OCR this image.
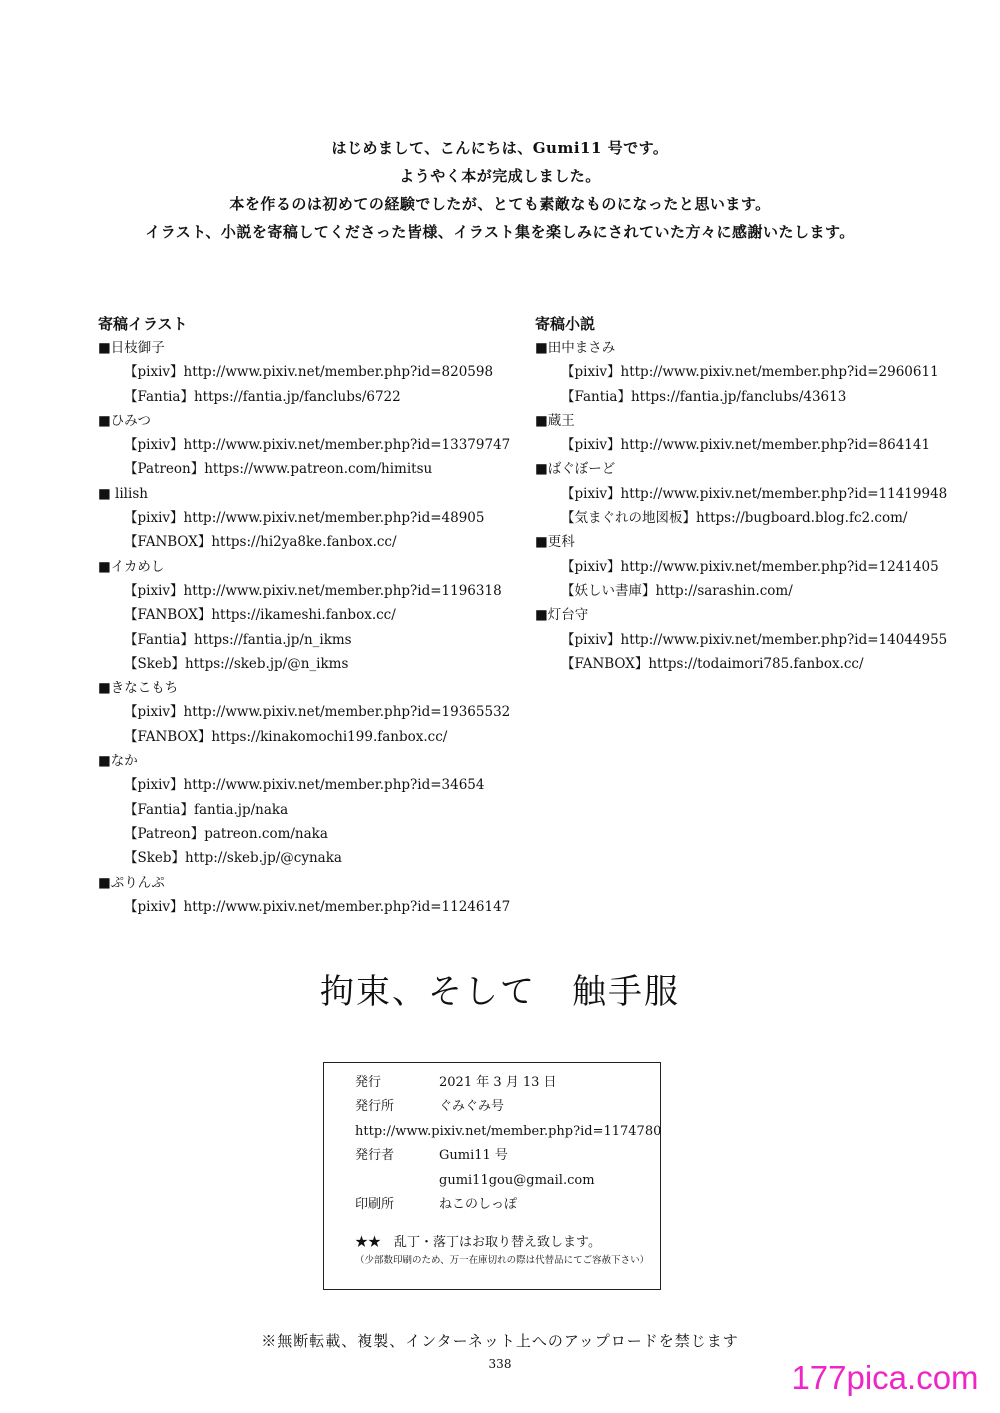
はじめまして、こんにちは、Gumi11 号です。
ようやく本が完成しました。
本を作るのは初めての経験でしたが、とても素敵なものになったと思います。
イラスト、小説を寄稿してくださった皆様、イラスト集を楽しみにされていた方々に感謝いたします。
寄稿イラスト
■日枝御子
【pixiv】http://www.pixiv.net/member.php?id=820598
【Fantia】https://fantia.jp/fanclubs/6722
■ひみつ
【pixiv】http://www.pixiv.net/member.php?id=13379747
【Patreon】https://www.patreon.com/himitsu
■ lilish
【pixiv】http://www.pixiv.net/member.php?id=48905
【FANBOX】https://hi2ya8ke.fanbox.cc/
■イカめし
【pixiv】http://www.pixiv.net/member.php?id=1196318
【FANBOX】https://ikameshi.fanbox.cc/
【Fantia】https://fantia.jp/n_ikms
【Skeb】https://skeb.jp/@n_ikms
■きなこもち
【pixiv】http://www.pixiv.net/member.php?id=19365532
【FANBOX】https://kinakomochi199.fanbox.cc/
■なか
【pixiv】http://www.pixiv.net/member.php?id=34654
【Fantia】fantia.jp/naka
【Patreon】patreon.com/naka
【Skeb】http://skeb.jp/@cynaka
■ぷりんぷ
【pixiv】http://www.pixiv.net/member.php?id=11246147
寄稿小説
■田中まさみ
【pixiv】http://www.pixiv.net/member.php?id=2960611
【Fantia】https://fantia.jp/fanclubs/43613
■蔵王
【pixiv】http://www.pixiv.net/member.php?id=864141
■ばぐぼーど
【pixiv】http://www.pixiv.net/member.php?id=11419948
【気まぐれの地図板】https://bugboard.blog.fc2.com/
■更科
【pixiv】http://www.pixiv.net/member.php?id=1241405
【妖しい書庫】http://sarashin.com/
■灯台守
【pixiv】http://www.pixiv.net/member.php?id=14044955
【FANBOX】https://todaimori785.fanbox.cc/
拘束、そして　触手服
発行	2021 年 3 月 13 日
発行所	ぐみぐみ号
http://www.pixiv.net/member.php?id=1174780
発行者	Gumi11 号
gumi11gou@gmail.com
印刷所	ねこのしっぽ
★★　乱丁・落丁はお取り替え致します。
（少部数印刷のため、万一在庫切れの際は代替品にてご容赦下さい）
※無断転載、複製、インターネット上へのアップロードを禁じます
338	177pica.com
